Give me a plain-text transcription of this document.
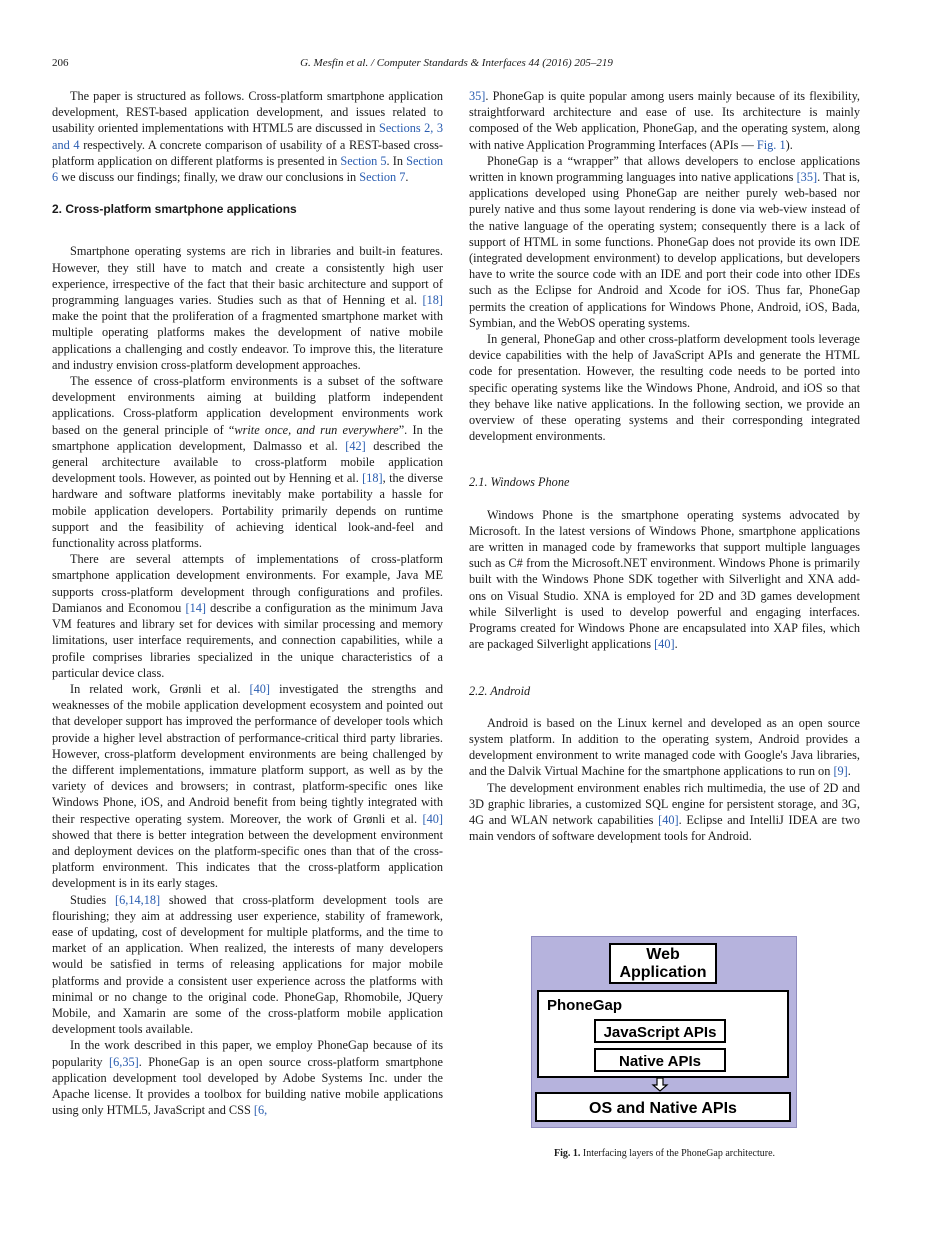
206	G. Mesfin et al. / Computer Standards & Interfaces 44 (2016) 205–219

The paper is structured as follows. Cross-platform smartphone application development, REST-based application development, and issues related to usability oriented implementations with HTML5 are discussed in Sections 2, 3 and 4 respectively. A concrete comparison of usability of a REST-based cross-platform application on different platforms is presented in Section 5. In Section 6 we discuss our findings; finally, we draw our conclusions in Section 7.

2. Cross-platform smartphone applications

Smartphone operating systems are rich in libraries and built-in features. However, they still have to match and create a consistently high user experience, irrespective of the fact that their basic architecture and support of programming languages varies. Studies such as that of Henning et al. [18] make the point that the proliferation of a fragmented smartphone market with multiple operating platforms makes the development of native mobile applications a challenging and costly endeavor. To improve this, the literature and industry envision cross-platform development approaches.

The essence of cross-platform environments is a subset of the software development environments aiming at building platform independent applications. Cross-platform application development environments work based on the general principle of “write once, and run everywhere”. In the smartphone application development, Dalmasso et al. [42] described the general architecture available to cross-platform mobile application development tools. However, as pointed out by Henning et al. [18], the diverse hardware and software platforms inevitably make portability a hassle for mobile application developers. Portability primarily depends on runtime support and the feasibility of achieving identical look-and-feel and functionality across platforms.

There are several attempts of implementations of cross-platform smartphone application development environments. For example, Java ME supports cross-platform development through configurations and profiles. Damianos and Economou [14] describe a configuration as the minimum Java VM features and library set for devices with similar processing and memory limitations, user interface requirements, and connection capabilities, while a profile comprises libraries specialized in the unique characteristics of a particular device class.

In related work, Grønli et al. [40] investigated the strengths and weaknesses of the mobile application development ecosystem and pointed out that developer support has improved the performance of developer tools which provide a higher level abstraction of performance-critical third party libraries. However, cross-platform development environments are being challenged by the different implementations, immature platform support, as well as by the variety of devices and browsers; in contrast, platform-specific ones like Windows Phone, iOS, and Android benefit from being tightly integrated with their respective operating system. Moreover, the work of Grønli et al. [40] showed that there is better integration between the development environment and deployment devices on the platform-specific ones than that of the cross-platform environment. This indicates that the cross-platform application development is in its early stages.

Studies [6,14,18] showed that cross-platform development tools are flourishing; they aim at addressing user experience, stability of framework, ease of updating, cost of development for multiple platforms, and the time to market of an application. When realized, the interests of many developers would be satisfied in terms of releasing applications for major mobile platforms and provide a consistent user experience across the platforms with minimal or no change to the original code. PhoneGap, Rhomobile, JQuery Mobile, and Xamarin are some of the cross-platform mobile application development tools available.

In the work described in this paper, we employ PhoneGap because of its popularity [6,35]. PhoneGap is an open source cross-platform smartphone application development tool developed by Adobe Systems Inc. under the Apache license. It provides a toolbox for building native mobile applications using only HTML5, JavaScript and CSS [6,

35]. PhoneGap is quite popular among users mainly because of its flexibility, straightforward architecture and ease of use. Its architecture is mainly composed of the Web application, PhoneGap, and the operating system, along with native Application Programming Interfaces (APIs — Fig. 1).

PhoneGap is a “wrapper” that allows developers to enclose applications written in known programming languages into native applications [35]. That is, applications developed using PhoneGap are neither purely web-based nor purely native and thus some layout rendering is done via web-view instead of the native language of the operating system; consequently there is a lack of support of HTML in some functions. PhoneGap does not provide its own IDE (integrated development environment) to develop applications, but developers have to write the source code with an IDE and port their code into other IDEs such as the Eclipse for Android and Xcode for iOS. Thus far, PhoneGap permits the creation of applications for Windows Phone, Android, iOS, Bada, Symbian, and the WebOS operating systems.

In general, PhoneGap and other cross-platform development tools leverage device capabilities with the help of JavaScript APIs and generate the HTML code for presentation. However, the resulting code needs to be ported into specific operating systems like the Windows Phone, Android, and iOS so that they behave like native applications. In the following section, we provide an overview of these operating systems and their corresponding integrated development environments.

2.1. Windows Phone

Windows Phone is the smartphone operating systems advocated by Microsoft. In the latest versions of Windows Phone, smartphone applications are written in managed code by frameworks that support multiple languages such as C# from the Microsoft.NET environment. Windows Phone is primarily built with the Windows Phone SDK together with Silverlight and XNA add-ons on Visual Studio. XNA is employed for 2D and 3D games development while Silverlight is used to develop powerful and engaging interfaces. Programs created for Windows Phone are encapsulated into XAP files, which are packaged Silverlight applications [40].

2.2. Android

Android is based on the Linux kernel and developed as an open source system platform. In addition to the operating system, Android provides a development environment to write managed code with Google's Java libraries, and the Dalvik Virtual Machine for the smartphone applications to run on [9].

The development environment enables rich multimedia, the use of 2D and 3D graphic libraries, a customized SQL engine for persistent storage, and 3G, 4G and WLAN network capabilities [40]. Eclipse and IntelliJ IDEA are two main vendors of software development tools for Android.

Web
Application
PhoneGap
JavaScript APIs
Native APIs
OS and Native APIs
Fig. 1. Interfacing layers of the PhoneGap architecture.
